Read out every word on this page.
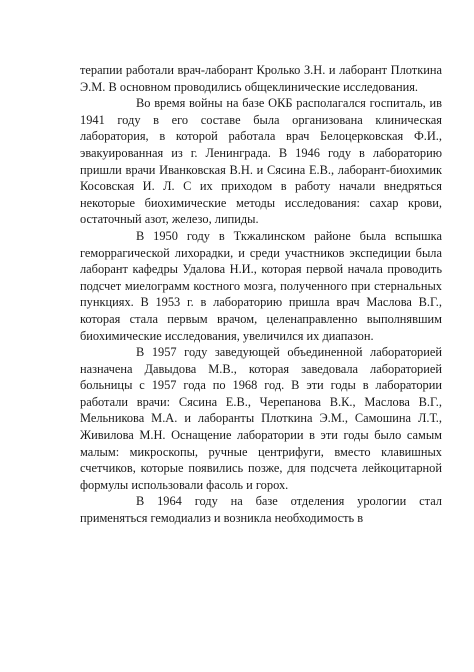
терапии работали врач-лаборант Кролько З.Н. и лаборант Плоткина Э.М. В основном проводились общеклинические исследования.

Во время войны на базе ОКБ располагался госпиталь, ив 1941 году в его составе была организована клиническая лаборатория, в которой работала врач Белоцерковская Ф.И., эвакуированная из г. Ленинграда. В 1946 году в лабораторию пришли врачи Иванковская В.Н. и Сясина Е.В., лаборант-биохимик Косовская И. Л. С их приходом в работу начали внедряться некоторые биохимические методы исследования: сахар крови, остаточный азот, железо, липиды.

В 1950 году в Ткжалинском районе была вспышка геморрагической лихорадки, и среди участников экспедиции была лаборант кафедры Удалова Н.И., которая первой начала проводить подсчет миелограмм костного мозга, полученного при стернальных пункциях. В 1953 г. в лабораторию пришла врач Маслова В.Г., которая стала первым врачом, целенаправленно выполнявшим биохимические исследования, увеличился их диапазон.

В 1957 году заведующей объединенной лабораторией назначена Давыдова М.В., которая заведовала лабораторией больницы с 1957 года по 1968 год. В эти годы в лаборатории работали врачи: Сясина Е.В., Черепанова В.К., Маслова В.Г., Мельникова М.А. и лаборанты Плоткина Э.М., Самошина Л.Т., Живилова М.Н. Оснащение лаборатории в эти годы было самым малым: микроскопы, ручные центрифуги, вместо клавишных счетчиков, которые появились позже, для подсчета лейкоцитарной формулы использовали фасоль и горох.

В 1964 году на базе отделения урологии стал применяться гемодиализ и возникла необходимость в
